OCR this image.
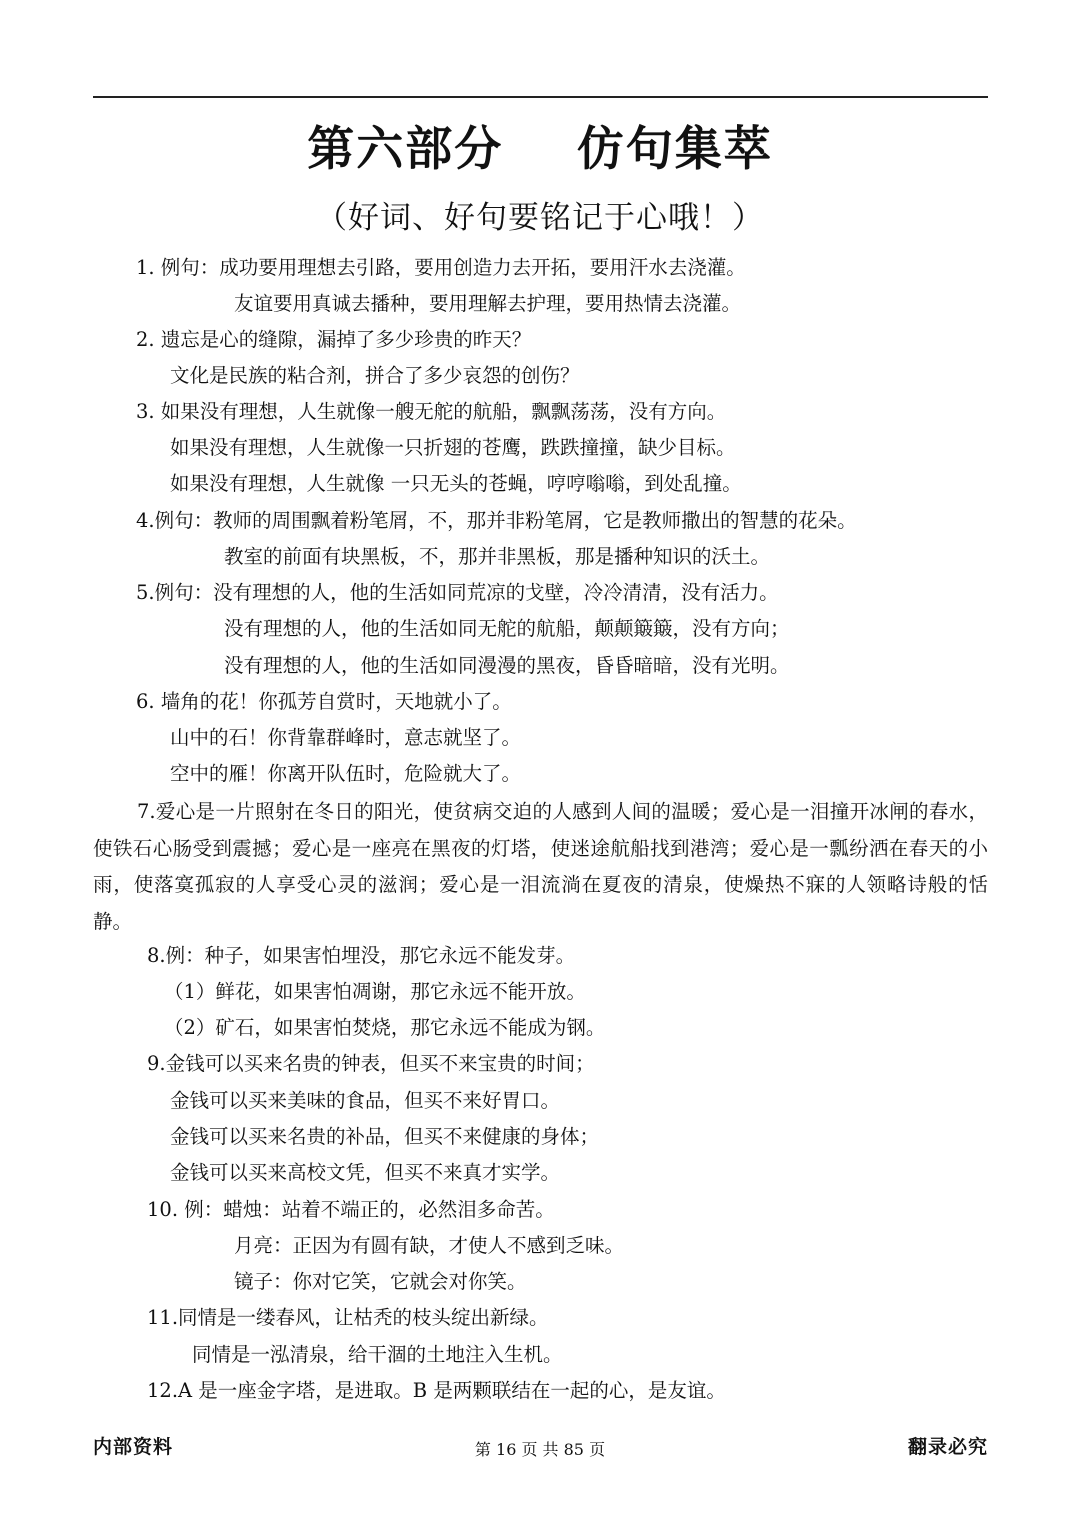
第六部分    仿句集萃
（好词、好句要铭记于心哦！）
1. 例句：成功要用理想去引路，要用创造力去开拓，要用汗水去浇灌。
友谊要用真诚去播种，要用理解去护理，要用热情去浇灌。
2. 遗忘是心的缝隙，漏掉了多少珍贵的昨天？
文化是民族的粘合剂，拼合了多少哀怨的创伤？
3. 如果没有理想，人生就像一艘无舵的航船，飘飘荡荡，没有方向。
如果没有理想，人生就像一只折翅的苍鹰，跌跌撞撞，缺少目标。
如果没有理想，人生就像 一只无头的苍蝇，哼哼嗡嗡，到处乱撞。
4.例句：教师的周围飘着粉笔屑，不，那并非粉笔屑，它是教师撒出的智慧的花朵。
教室的前面有块黑板，不，那并非黑板，那是播种知识的沃土。
5.例句：没有理想的人，他的生活如同荒凉的戈壁，冷冷清清，没有活力。
没有理想的人，他的生活如同无舵的航船，颠颠簸簸，没有方向；
没有理想的人，他的生活如同漫漫的黑夜，昏昏暗暗，没有光明。
6. 墙角的花！你孤芳自赏时，天地就小了。
山中的石！你背靠群峰时，意志就坚了。
空中的雁！你离开队伍时，危险就大了。
7.爱心是一片照射在冬日的阳光，使贫病交迫的人感到人间的温暖；爱心是一泪撞开冰闸的春水，使铁石心肠受到震撼；爱心是一座亮在黑夜的灯塔，使迷途航船找到港湾；爱心是一瓢纷洒在春天的小雨，使落寞孤寂的人享受心灵的滋润；爱心是一泪流淌在夏夜的清泉，使燥热不寐的人领略诗般的恬静。
8.例：种子，如果害怕埋没，那它永远不能发芽。
（1）鲜花，如果害怕凋谢，那它永远不能开放。
（2）矿石，如果害怕焚烧，那它永远不能成为钢。
9.金钱可以买来名贵的钟表，但买不来宝贵的时间；
金钱可以买来美味的食品，但买不来好胃口。
金钱可以买来名贵的补品，但买不来健康的身体；
金钱可以买来高校文凭，但买不来真才实学。
10. 例：蜡烛：站着不端正的，必然泪多命苦。
月亮：正因为有圆有缺，才使人不感到乏味。
镜子：你对它笑，它就会对你笑。
11.同情是一缕春风，让枯秃的枝头绽出新绿。
同情是一泓清泉，给干涸的土地注入生机。
12.A 是一座金字塔，是进取。B 是两颗联结在一起的心，是友谊。
内部资料	第 16 页 共 85 页	翻录必究
